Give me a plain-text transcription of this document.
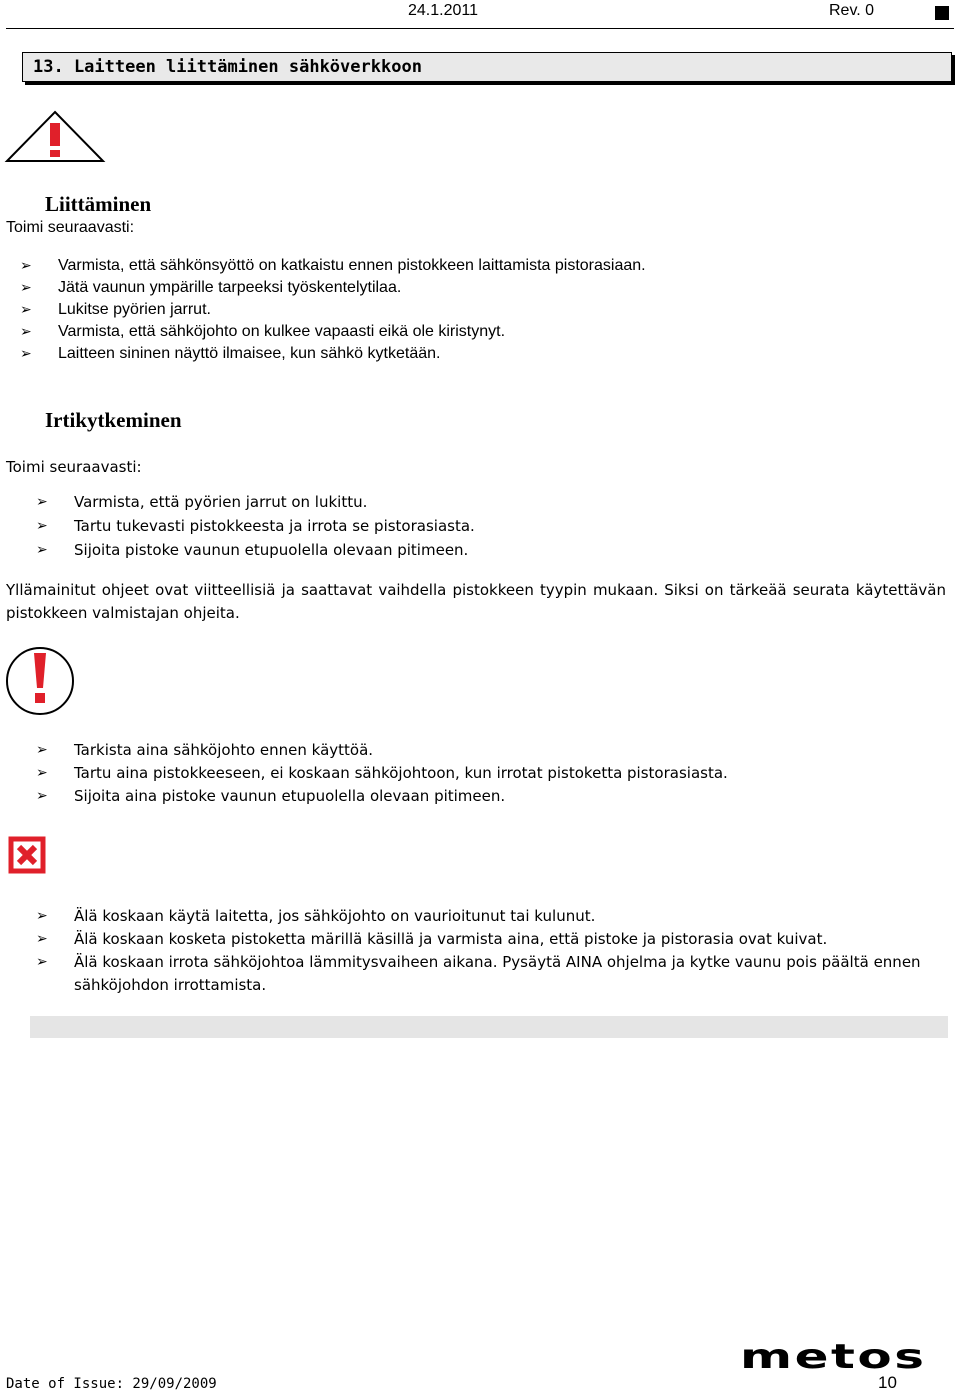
24.1.2011	Rev. 0
13. Laitteen liittäminen sähköverkkoon
Liittäminen
Toimi seuraavasti:
➢ Varmista, että sähkönsyöttö on katkaistu ennen pistokkeen laittamista pistorasiaan.
➢ Jätä vaunun ympärille tarpeeksi työskentelytilaa.
➢ Lukitse pyörien jarrut.
➢ Varmista, että sähköjohto on kulkee vapaasti eikä ole kiristynyt.
➢ Laitteen sininen näyttö ilmaisee, kun sähkö kytketään.
Irtikytkeminen
Toimi seuraavasti:
➢ Varmista, että pyörien jarrut on lukittu.
➢ Tartu tukevasti pistokkeesta ja irrota se pistorasiasta.
➢ Sijoita pistoke vaunun etupuolella olevaan pitimeen.
Yllämainitut ohjeet ovat viitteellisiä ja saattavat vaihdella pistokkeen tyypin mukaan. Siksi on tärkeää seurata käytettävän pistokkeen valmistajan ohjeita.
➢ Tarkista aina sähköjohto ennen käyttöä.
➢ Tartu aina pistokkeeseen, ei koskaan sähköjohtoon, kun irrotat pistoketta pistorasiasta.
➢ Sijoita aina pistoke vaunun etupuolella olevaan pitimeen.
➢ Älä koskaan käytä laitetta, jos sähköjohto on vaurioitunut tai kulunut.
➢ Älä koskaan kosketa pistoketta märillä käsillä ja varmista aina, että pistoke ja pistorasia ovat kuivat.
➢ Älä koskaan irrota sähköjohtoa lämmitysvaiheen aikana. Pysäytä AINA ohjelma ja kytke vaunu pois päältä ennen sähköjohdon irrottamista.
metos
Date of Issue: 29/09/2009	10
